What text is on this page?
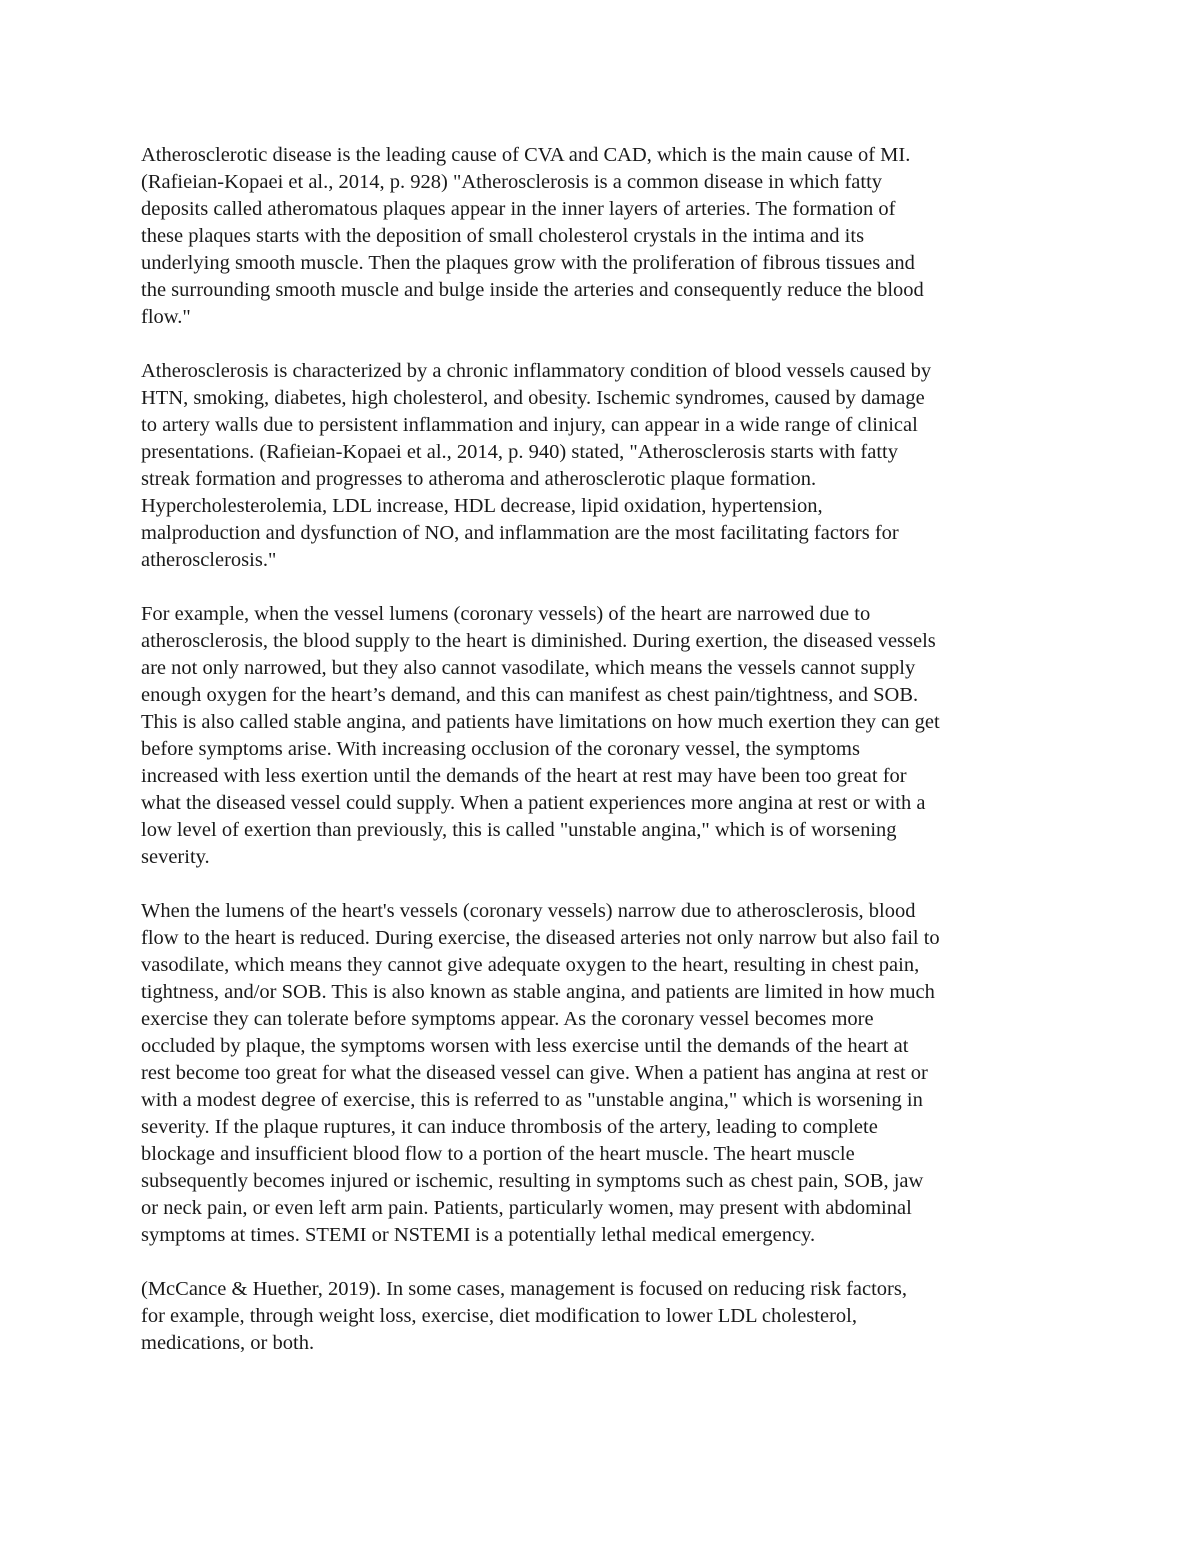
Atherosclerotic disease is the leading cause of CVA and CAD, which is the main cause of MI.
(Rafieian-Kopaei et al., 2014, p. 928) "Atherosclerosis is a common disease in which fatty
deposits called atheromatous plaques appear in the inner layers of arteries. The formation of
these plaques starts with the deposition of small cholesterol crystals in the intima and its
underlying smooth muscle. Then the plaques grow with the proliferation of fibrous tissues and
the surrounding smooth muscle and bulge inside the arteries and consequently reduce the blood
flow."

Atherosclerosis is characterized by a chronic inflammatory condition of blood vessels caused by
HTN, smoking, diabetes, high cholesterol, and obesity. Ischemic syndromes, caused by damage
to artery walls due to persistent inflammation and injury, can appear in a wide range of clinical
presentations. (Rafieian-Kopaei et al., 2014, p. 940) stated, "Atherosclerosis starts with fatty
streak formation and progresses to atheroma and atherosclerotic plaque formation.
Hypercholesterolemia, LDL increase, HDL decrease, lipid oxidation, hypertension,
malproduction and dysfunction of NO, and inflammation are the most facilitating factors for
atherosclerosis."

For example, when the vessel lumens (coronary vessels) of the heart are narrowed due to
atherosclerosis, the blood supply to the heart is diminished. During exertion, the diseased vessels
are not only narrowed, but they also cannot vasodilate, which means the vessels cannot supply
enough oxygen for the heart’s demand, and this can manifest as chest pain/tightness, and SOB.
This is also called stable angina, and patients have limitations on how much exertion they can get
before symptoms arise. With increasing occlusion of the coronary vessel, the symptoms
increased with less exertion until the demands of the heart at rest may have been too great for
what the diseased vessel could supply. When a patient experiences more angina at rest or with a
low level of exertion than previously, this is called "unstable angina," which is of worsening
severity.

When the lumens of the heart's vessels (coronary vessels) narrow due to atherosclerosis, blood
flow to the heart is reduced. During exercise, the diseased arteries not only narrow but also fail to
vasodilate, which means they cannot give adequate oxygen to the heart, resulting in chest pain,
tightness, and/or SOB. This is also known as stable angina, and patients are limited in how much
exercise they can tolerate before symptoms appear. As the coronary vessel becomes more
occluded by plaque, the symptoms worsen with less exercise until the demands of the heart at
rest become too great for what the diseased vessel can give. When a patient has angina at rest or
with a modest degree of exercise, this is referred to as "unstable angina," which is worsening in
severity. If the plaque ruptures, it can induce thrombosis of the artery, leading to complete
blockage and insufficient blood flow to a portion of the heart muscle. The heart muscle
subsequently becomes injured or ischemic, resulting in symptoms such as chest pain, SOB, jaw
or neck pain, or even left arm pain. Patients, particularly women, may present with abdominal
symptoms at times. STEMI or NSTEMI is a potentially lethal medical emergency.

(McCance & Huether, 2019). In some cases, management is focused on reducing risk factors,
for example, through weight loss, exercise, diet modification to lower LDL cholesterol,
medications, or both.
